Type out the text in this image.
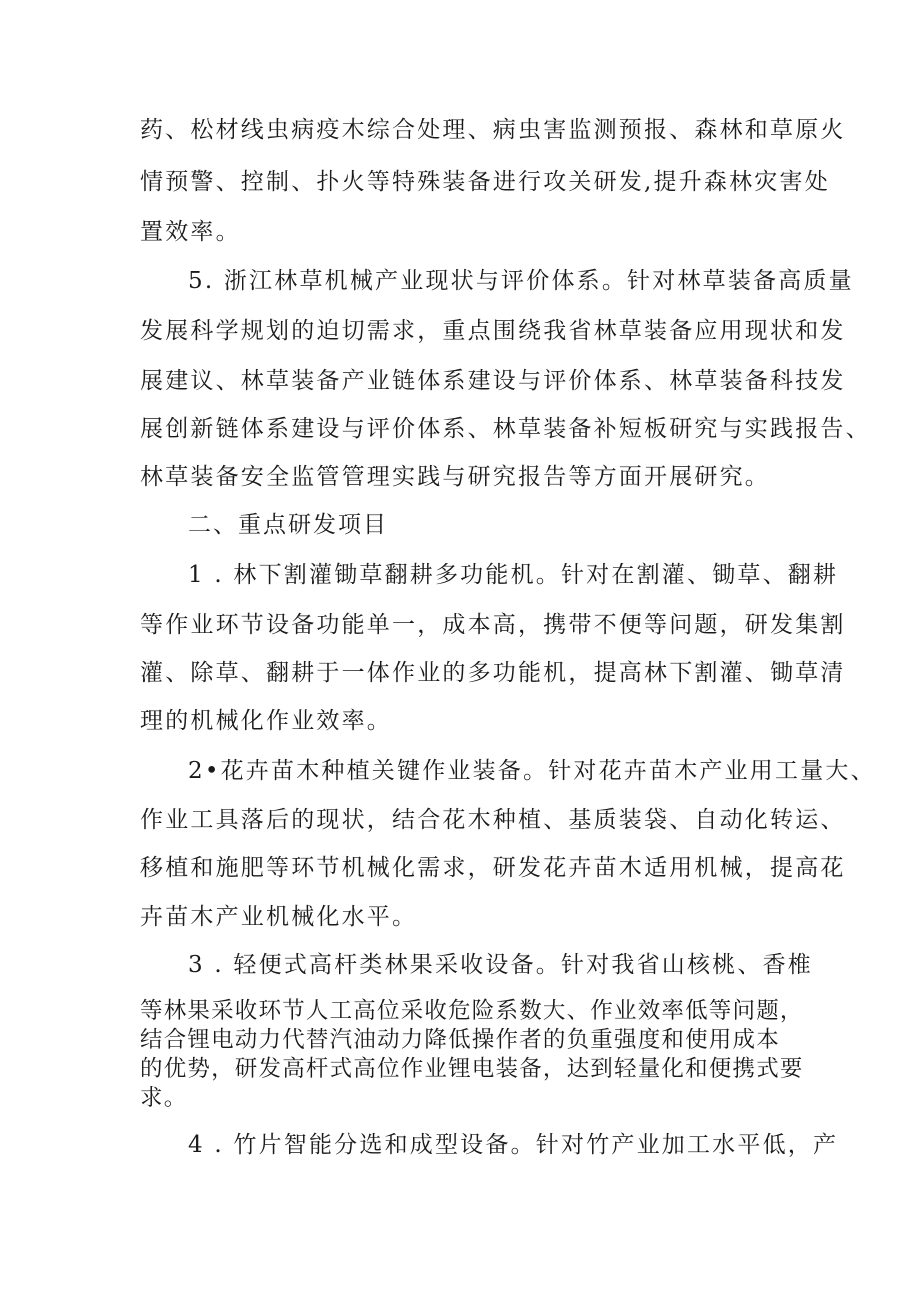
药、松材线虫病疫木综合处理、病虫害监测预报、森林和草原火
情预警、控制、扑火等特殊装备进行攻关研发,提升森林灾害处
置效率。
5. 浙江林草机械产业现状与评价体系。针对林草装备高质量
发展科学规划的迫切需求，重点围绕我省林草装备应用现状和发
展建议、林草装备产业链体系建设与评价体系、林草装备科技发
展创新链体系建设与评价体系、林草装备补短板研究与实践报告、
林草装备安全监管管理实践与研究报告等方面开展研究。
二、重点研发项目
1 . 林下割灌锄草翻耕多功能机。针对在割灌、锄草、翻耕
等作业环节设备功能单一，成本高，携带不便等问题，研发集割
灌、除草、翻耕于一体作业的多功能机，提高林下割灌、锄草清
理的机械化作业效率。
2•花卉苗木种植关键作业装备。针对花卉苗木产业用工量大、
作业工具落后的现状，结合花木种植、基质装袋、自动化转运、
移植和施肥等环节机械化需求，研发花卉苗木适用机械，提高花
卉苗木产业机械化水平。
3 . 轻便式高杆类林果采收设备。针对我省山核桃、香椎
等林果采收环节人工高位采收危险系数大、作业效率低等问题，
结合锂电动力代替汽油动力降低操作者的负重强度和使用成本
的优势，研发高杆式高位作业锂电装备，达到轻量化和便携式要
求。
4 . 竹片智能分选和成型设备。针对竹产业加工水平低，产
